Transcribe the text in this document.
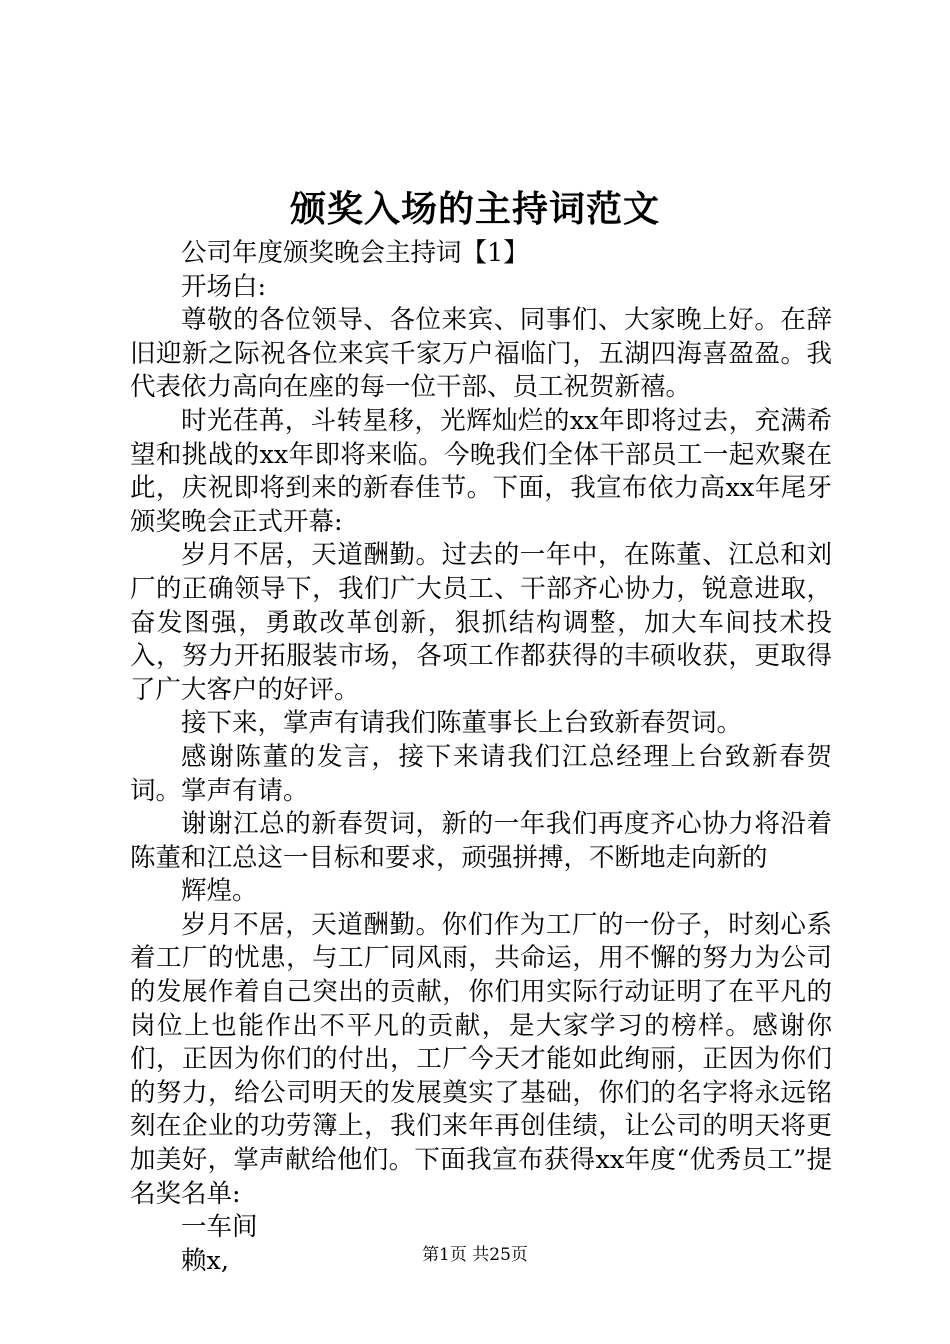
颁奖入场的主持词范文

公司年度颁奖晚会主持词【1】

开场白:

尊敬的各位领导、各位来宾、同事们、大家晚上好。在辞旧迎新之际祝各位来宾千家万户福临门，五湖四海喜盈盈。我代表依力高向在座的每一位干部、员工祝贺新禧。

时光荏苒，斗转星移，光辉灿烂的xx年即将过去，充满希望和挑战的xx年即将来临。今晚我们全体干部员工一起欢聚在此，庆祝即将到来的新春佳节。下面，我宣布依力高xx年尾牙颁奖晚会正式开幕:

岁月不居，天道酬勤。过去的一年中，在陈董、江总和刘厂的正确领导下，我们广大员工、干部齐心协力，锐意进取，奋发图强，勇敢改革创新，狠抓结构调整，加大车间技术投入，努力开拓服装市场，各项工作都获得的丰硕收获，更取得了广大客户的好评。

接下来，掌声有请我们陈董事长上台致新春贺词。

感谢陈董的发言，接下来请我们江总经理上台致新春贺词。掌声有请。

谢谢江总的新春贺词，新的一年我们再度齐心协力将沿着陈董和江总这一目标和要求，顽强拼搏，不断地走向新的

辉煌。

岁月不居，天道酬勤。你们作为工厂的一份子，时刻心系着工厂的忧患，与工厂同风雨，共命运，用不懈的努力为公司的发展作着自己突出的贡献，你们用实际行动证明了在平凡的岗位上也能作出不平凡的贡献，是大家学习的榜样。感谢你们，正因为你们的付出，工厂今天才能如此绚丽，正因为你们的努力，给公司明天的发展奠实了基础，你们的名字将永远铭刻在企业的功劳簿上，我们来年再创佳绩，让公司的明天将更加美好，掌声献给他们。下面我宣布获得xx年度“优秀员工”提名奖名单:

一车间

赖x,	第1页 共25页
